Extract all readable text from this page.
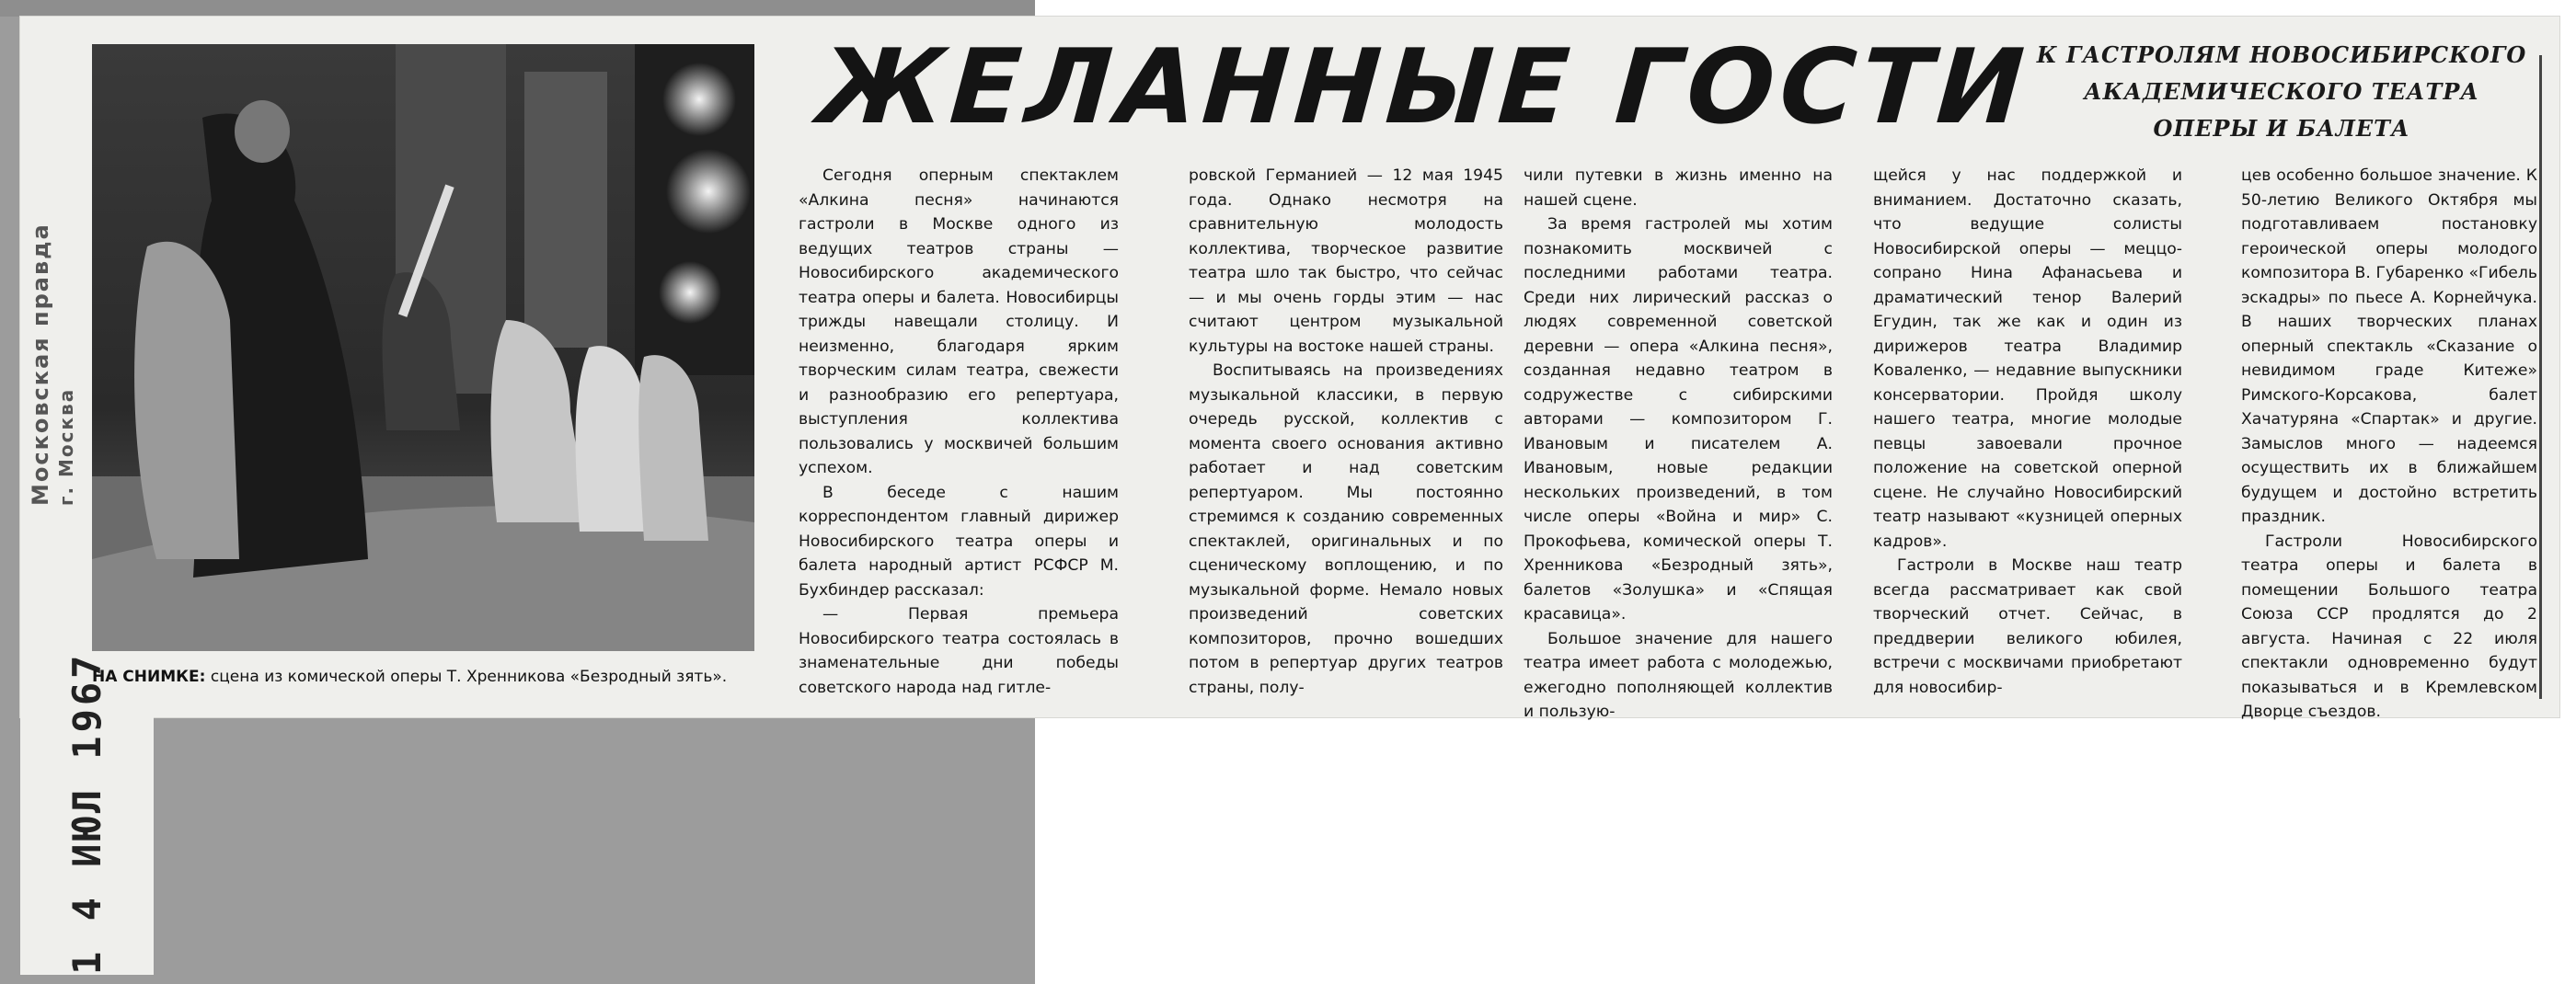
Московская правда г. Москва
1 4 ИЮЛ 1967
НА СНИМКЕ: сцена из комической оперы Т. Хренникова «Безродный зять».
ЖЕЛАННЫЕ ГОСТИ К ГАСТРОЛЯМ НОВОСИБИРСКОГО
АКАДЕМИЧЕСКОГО ТЕАТРА
ОПЕРЫ И БАЛЕТА

Сегодня оперным спектаклем «Алкина песня» начинаются гастроли в Москве одного из ведущих театров страны — Новосибирского академического театра оперы и балета. Новосибирцы трижды навещали столицу. И неизменно, благодаря ярким творческим силам театра, свежести и разнообразию его репертуара, выступления коллектива пользовались у москвичей большим успехом.

В беседе с нашим корреспондентом главный дирижер Новосибирского театра оперы и балета народный артист РСФСР М. Бухбиндер рассказал:

— Первая премьера Новосибирского театра состоялась в знаменательные дни победы советского народа над гитле-

ровской Германией — 12 мая 1945 года. Однако несмотря на сравнительную молодость коллектива, творческое развитие театра шло так быстро, что сейчас — и мы очень горды этим — нас считают центром музыкальной культуры на востоке нашей страны.

Воспитываясь на произведениях музыкальной классики, в первую очередь русской, коллектив с момента своего основания активно работает и над советским репертуаром. Мы постоянно стремимся к созданию современных спектаклей, оригинальных и по сценическому воплощению, и по музыкальной форме. Немало новых произведений советских композиторов, прочно вошедших потом в репертуар других театров страны, полу-

чили путевки в жизнь именно на нашей сцене.

За время гастролей мы хотим познакомить москвичей с последними работами театра. Среди них лирический рассказ о людях современной советской деревни — опера «Алкина песня», созданная недавно театром в содружестве с сибирскими авторами — композитором Г. Ивановым и писателем А. Ивановым, новые редакции нескольких произведений, в том числе оперы «Война и мир» С. Прокофьева, комической оперы Т. Хренникова «Безродный зять», балетов «Золушка» и «Спящая красавица».

Большое значение для нашего театра имеет работа с молодежью, ежегодно пополняющей коллектив и пользую-

щейся у нас поддержкой и вниманием. Достаточно сказать, что ведущие солисты Новосибирской оперы — меццо-сопрано Нина Афанасьева и драматический тенор Валерий Егудин, так же как и один из дирижеров театра Владимир Коваленко, — недавние выпускники консерватории. Пройдя школу нашего театра, многие молодые певцы завоевали прочное положение на советской оперной сцене. Не случайно Новосибирский театр называют «кузницей оперных кадров».

Гастроли в Москве наш театр всегда рассматривает как свой творческий отчет. Сейчас, в преддверии великого юбилея, встречи с москвичами приобретают для новосибир-

цев особенно большое значение. К 50-летию Великого Октября мы подготавливаем постановку героической оперы молодого композитора В. Губаренко «Гибель эскадры» по пьесе А. Корнейчука. В наших творческих планах оперный спектакль «Сказание о невидимом граде Китеже» Римского-Корсакова, балет Хачатуряна «Спартак» и другие. Замыслов много — надеемся осуществить их в ближайшем будущем и достойно встретить праздник.

Гастроли Новосибирского театра оперы и балета в помещении Большого театра Союза ССР продлятся до 2 августа. Начиная с 22 июля спектакли одновременно будут показываться и в Кремлевском Дворце съездов.
